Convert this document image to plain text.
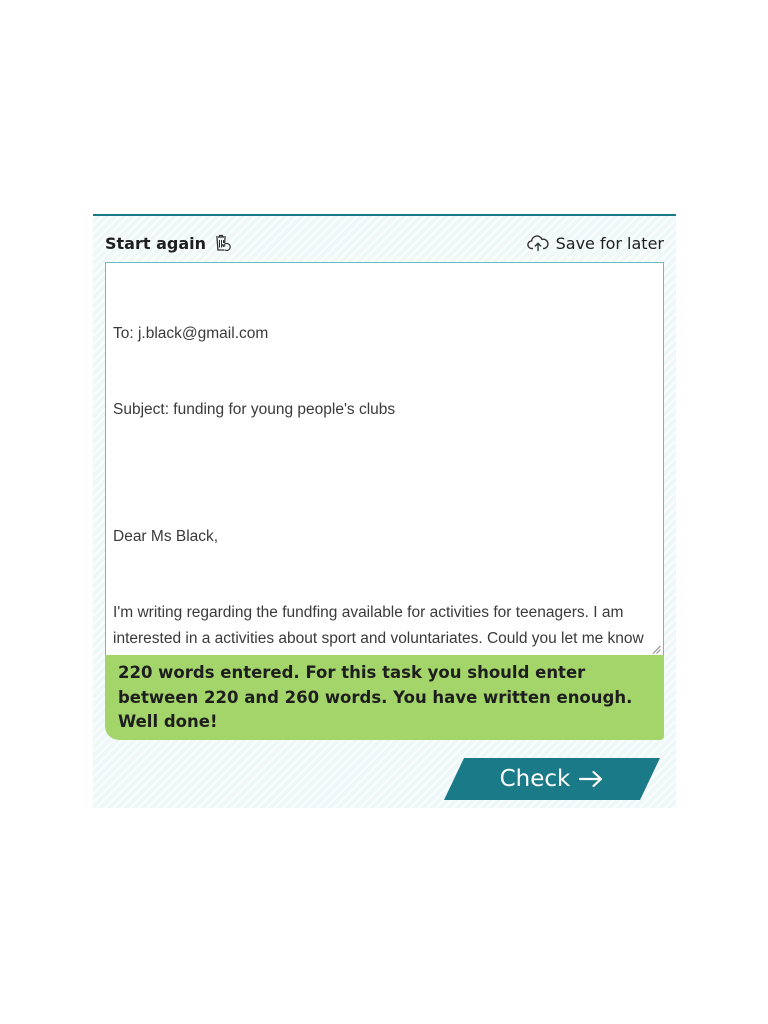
Start again	Save for later

To: j.black@gmail.com

Subject: funding for young people's clubs

Dear Ms Black,

I'm writing regarding the fundfing available for activities for teenagers. I am interested in a activities about sport and voluntariates. Could you let me know

220 words entered. For this task you should enter between 220 and 260 words. You have written enough. Well done!
Check
